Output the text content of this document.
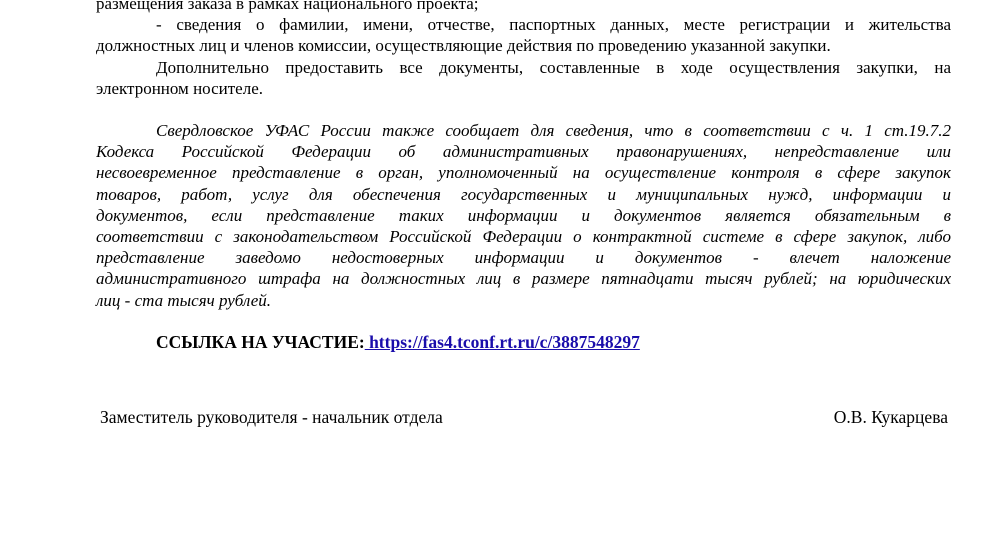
размещения заказа в рамках национального проекта;
- сведения о фамилии, имени, отчестве, паспортных данных, месте регистрации и жительства
должностных лиц и членов комиссии, осуществляющие действия по проведению указанной закупки.
Дополнительно предоставить все документы, составленные в ходе осуществления закупки, на
электронном носителе.
Свердловское УФАС России также сообщает для сведения, что в соответствии с ч. 1 ст.19.7.2
Кодекса Российской Федерации об административных правонарушениях, непредставление или
несвоевременное представление в орган, уполномоченный на осуществление контроля в сфере закупок
товаров, работ, услуг для обеспечения государственных и муниципальных нужд, информации и
документов, если представление таких информации и документов является обязательным в
соответствии с законодательством Российской Федерации о контрактной системе в сфере закупок, либо
представление заведомо недостоверных информации и документов - влечет наложение
административного штрафа на должностных лиц в размере пятнадцати тысяч рублей; на юридических
лиц - ста тысяч рублей.
ССЫЛКА НА УЧАСТИЕ: https://fas4.tconf.rt.ru/c/3887548297
Заместитель руководителя - начальник отдела	О.В. Кукарцева
